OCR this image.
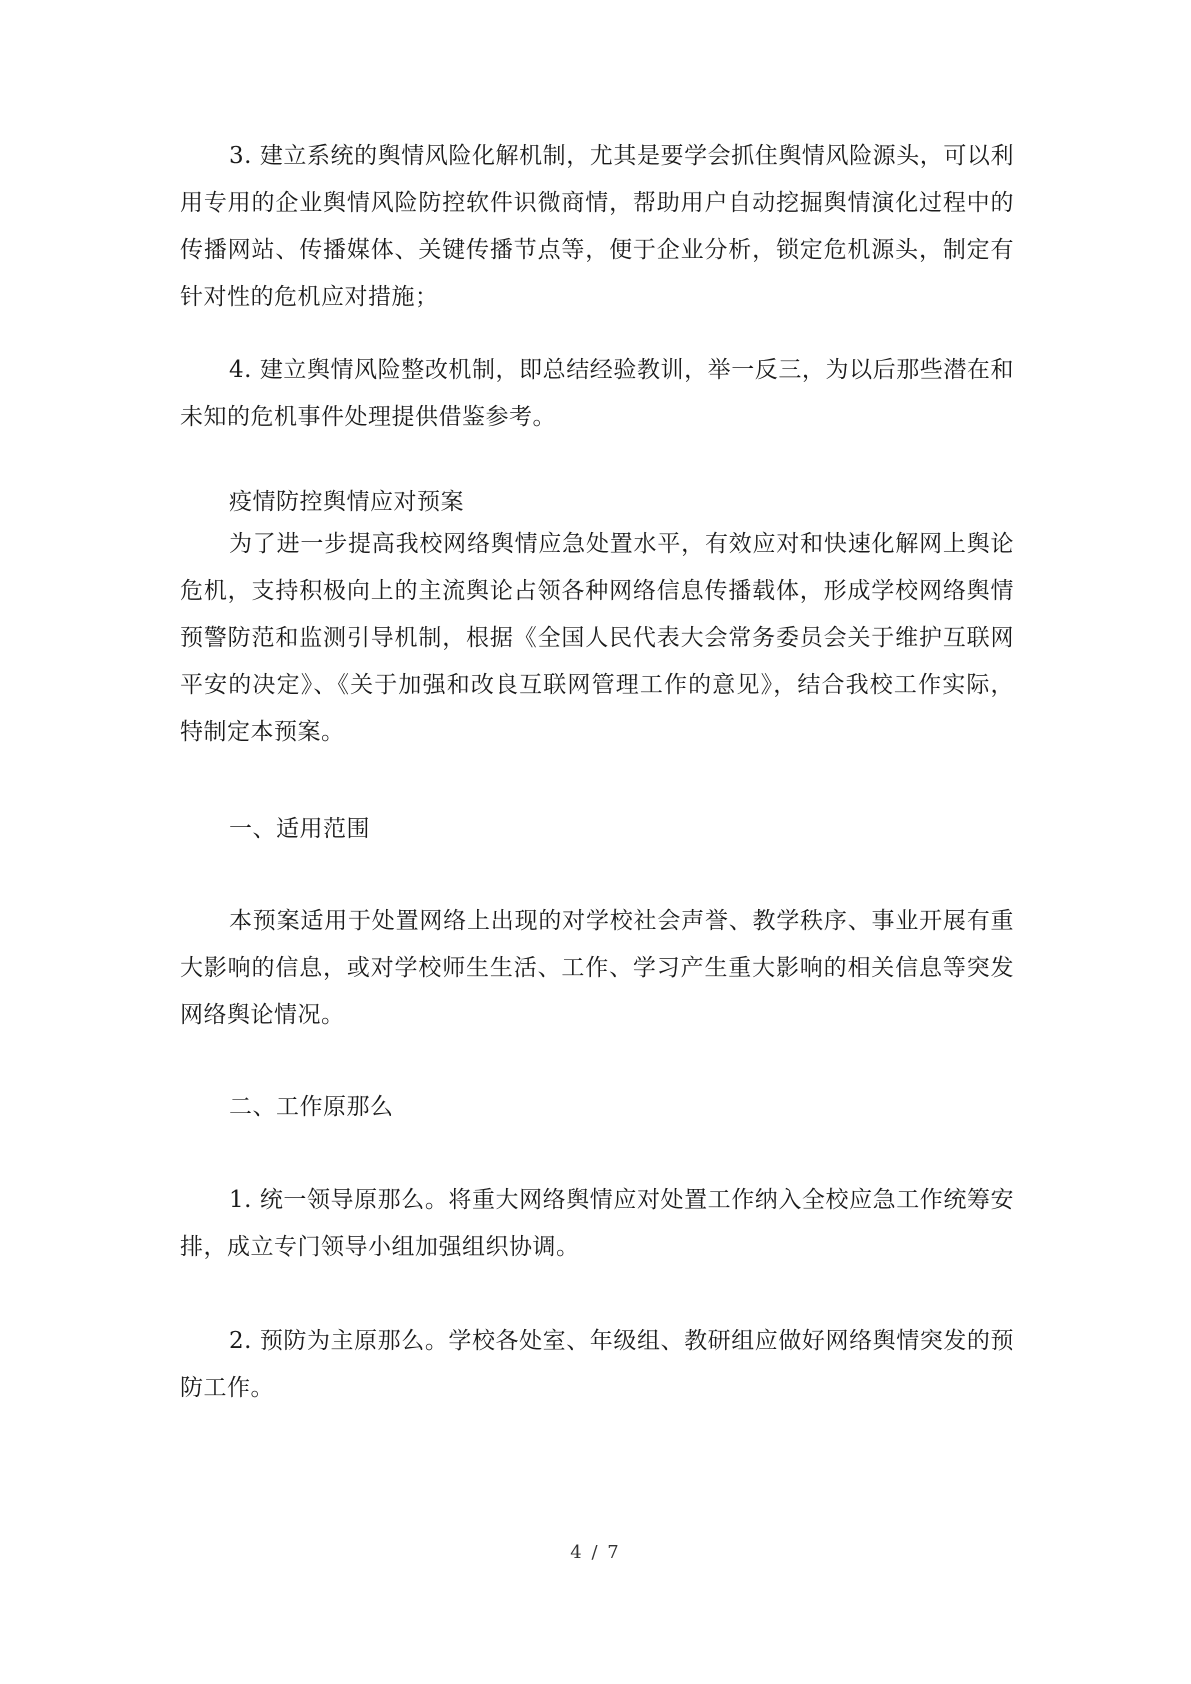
3. 建立系统的舆情风险化解机制，尤其是要学会抓住舆情风险源头，可以利用专用的企业舆情风险防控软件识微商情，帮助用户自动挖掘舆情演化过程中的传播网站、传播媒体、关键传播节点等，便于企业分析，锁定危机源头，制定有针对性的危机应对措施；
4. 建立舆情风险整改机制，即总结经验教训，举一反三，为以后那些潜在和未知的危机事件处理提供借鉴参考。
疫情防控舆情应对预案
为了进一步提高我校网络舆情应急处置水平，有效应对和快速化解网上舆论危机，支持积极向上的主流舆论占领各种网络信息传播载体，形成学校网络舆情预警防范和监测引导机制，根据《全国人民代表大会常务委员会关于维护互联网平安的决定》、《关于加强和改良互联网管理工作的意见》，结合我校工作实际，特制定本预案。
一、适用范围
本预案适用于处置网络上出现的对学校社会声誉、教学秩序、事业开展有重大影响的信息，或对学校师生生活、工作、学习产生重大影响的相关信息等突发网络舆论情况。
二、工作原那么
1. 统一领导原那么。将重大网络舆情应对处置工作纳入全校应急工作统筹安排，成立专门领导小组加强组织协调。
2. 预防为主原那么。学校各处室、年级组、教研组应做好网络舆情突发的预防工作。
4 / 7
